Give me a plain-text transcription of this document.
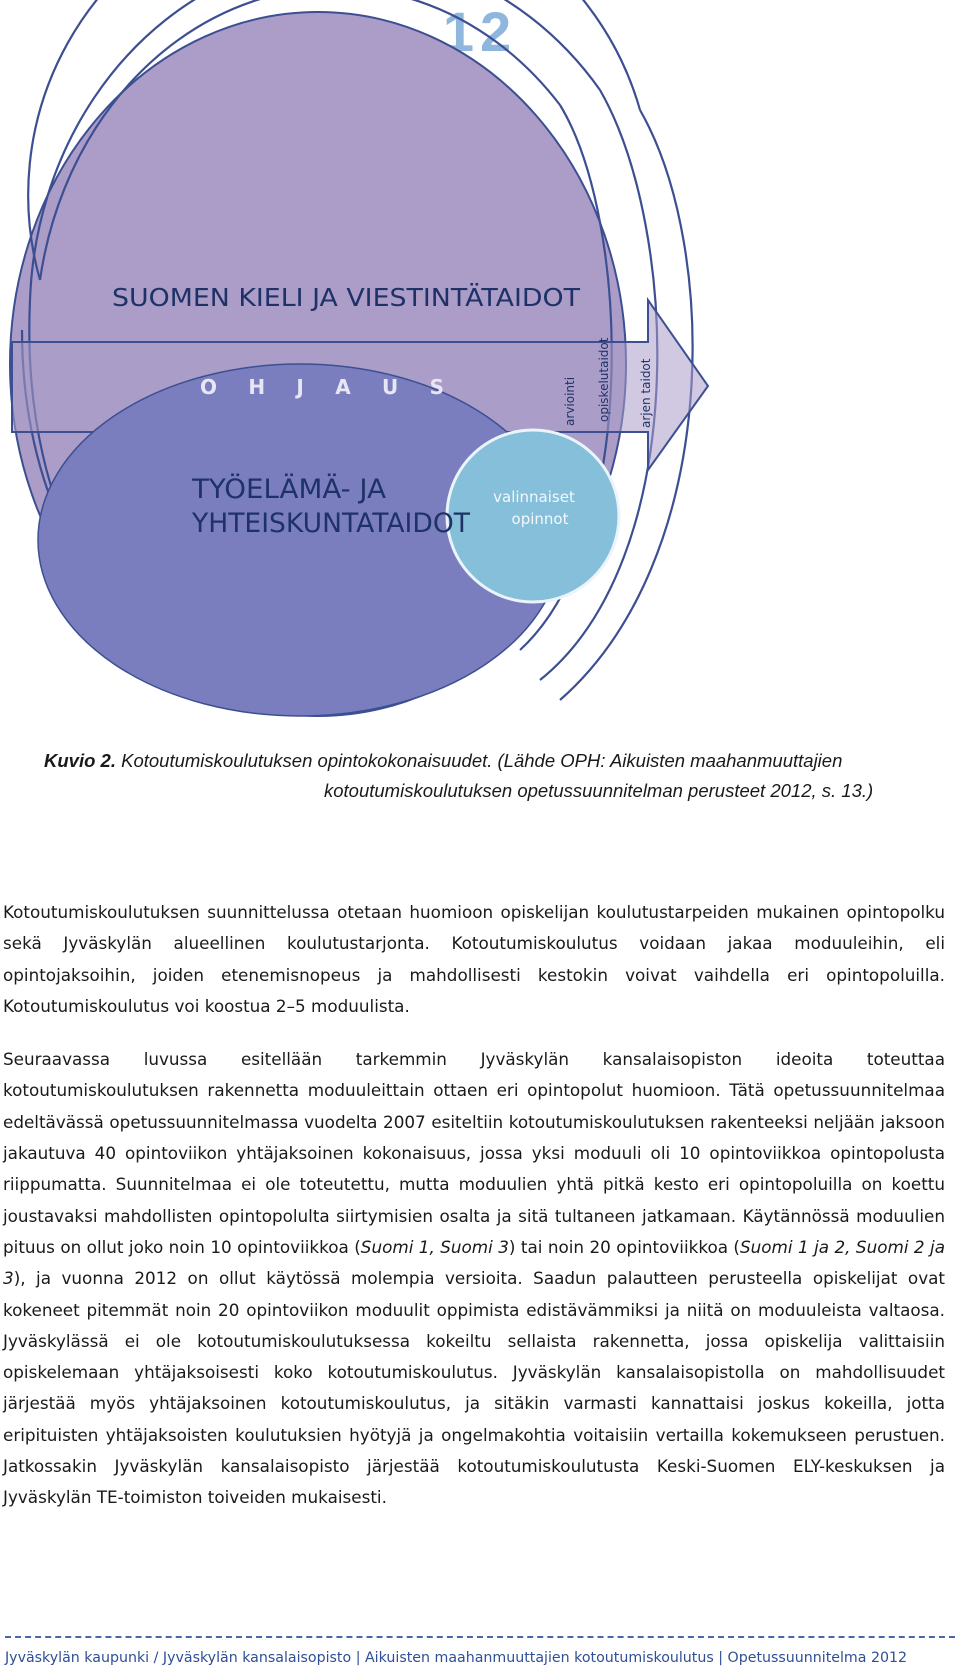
12
SUOMEN KIELI JA VIESTINTÄTAIDOT
O H J A U S
TYÖELÄMÄ- JA
YHTEISKUNTATAIDOT
valinnaiset
opinnot
arviointi opiskelutaidot arjen taidot
Kuvio 2. Kotoutumiskoulutuksen opintokokonaisuudet. (Lähde OPH: Aikuisten maahanmuuttajien
kotoutumiskoulutuksen opetussuunnitelman perusteet 2012, s. 13.)

Kotoutumiskoulutuksen suunnittelussa otetaan huomioon opiskelijan koulutustarpeiden mukainen opintopolku sekä Jyväskylän alueellinen koulutustarjonta. Kotoutumiskoulutus voidaan jakaa moduuleihin, eli opintojaksoihin, joiden etenemisnopeus ja mahdollisesti kestokin voivat vaihdella eri opintopoluilla. Kotoutumiskoulutus voi koostua 2–5 moduulista.

Seuraavassa luvussa esitellään tarkemmin Jyväskylän kansalaisopiston ideoita toteuttaa kotoutumiskoulutuksen rakennetta moduuleittain ottaen eri opintopolut huomioon. Tätä opetussuunnitelmaa edeltävässä opetussuunnitelmassa vuodelta 2007 esiteltiin kotoutumiskoulutuksen rakenteeksi neljään jaksoon jakautuva 40 opintoviikon yhtäjaksoinen kokonaisuus, jossa yksi moduuli oli 10 opintoviikkoa opintopolusta riippumatta. Suunnitelmaa ei ole toteutettu, mutta moduulien yhtä pitkä kesto eri opintopoluilla on koettu joustavaksi mahdollisten opintopolulta siirtymisien osalta ja sitä tultaneen jatkamaan. Käytännössä moduulien pituus on ollut joko noin 10 opintoviikkoa (Suomi 1, Suomi 3) tai noin 20 opintoviikkoa (Suomi 1 ja 2, Suomi 2 ja 3), ja vuonna 2012 on ollut käytössä molempia versioita. Saadun palautteen perusteella opiskelijat ovat kokeneet pitemmät noin 20 opintoviikon moduulit oppimista edistävämmiksi ja niitä on moduuleista valtaosa. Jyväskylässä ei ole kotoutumiskoulutuksessa kokeiltu sellaista rakennetta, jossa opiskelija valittaisiin opiskelemaan yhtäjaksoisesti koko kotoutumiskoulutus. Jyväskylän kansalaisopistolla on mahdollisuudet järjestää myös yhtäjaksoinen kotoutumiskoulutus, ja sitäkin varmasti kannattaisi joskus kokeilla, jotta eripituisten yhtäjaksoisten koulutuksien hyötyjä ja ongelmakohtia voitaisiin vertailla kokemukseen perustuen. Jatkossakin Jyväskylän kansalaisopisto järjestää kotoutumiskoulutusta Keski-Suomen ELY-keskuksen ja Jyväskylän TE-toimiston toiveiden mukaisesti.

Jyväskylän kaupunki / Jyväskylän kansalaisopisto | Aikuisten maahanmuuttajien kotoutumiskoulutus | Opetussuunnitelma 2012
